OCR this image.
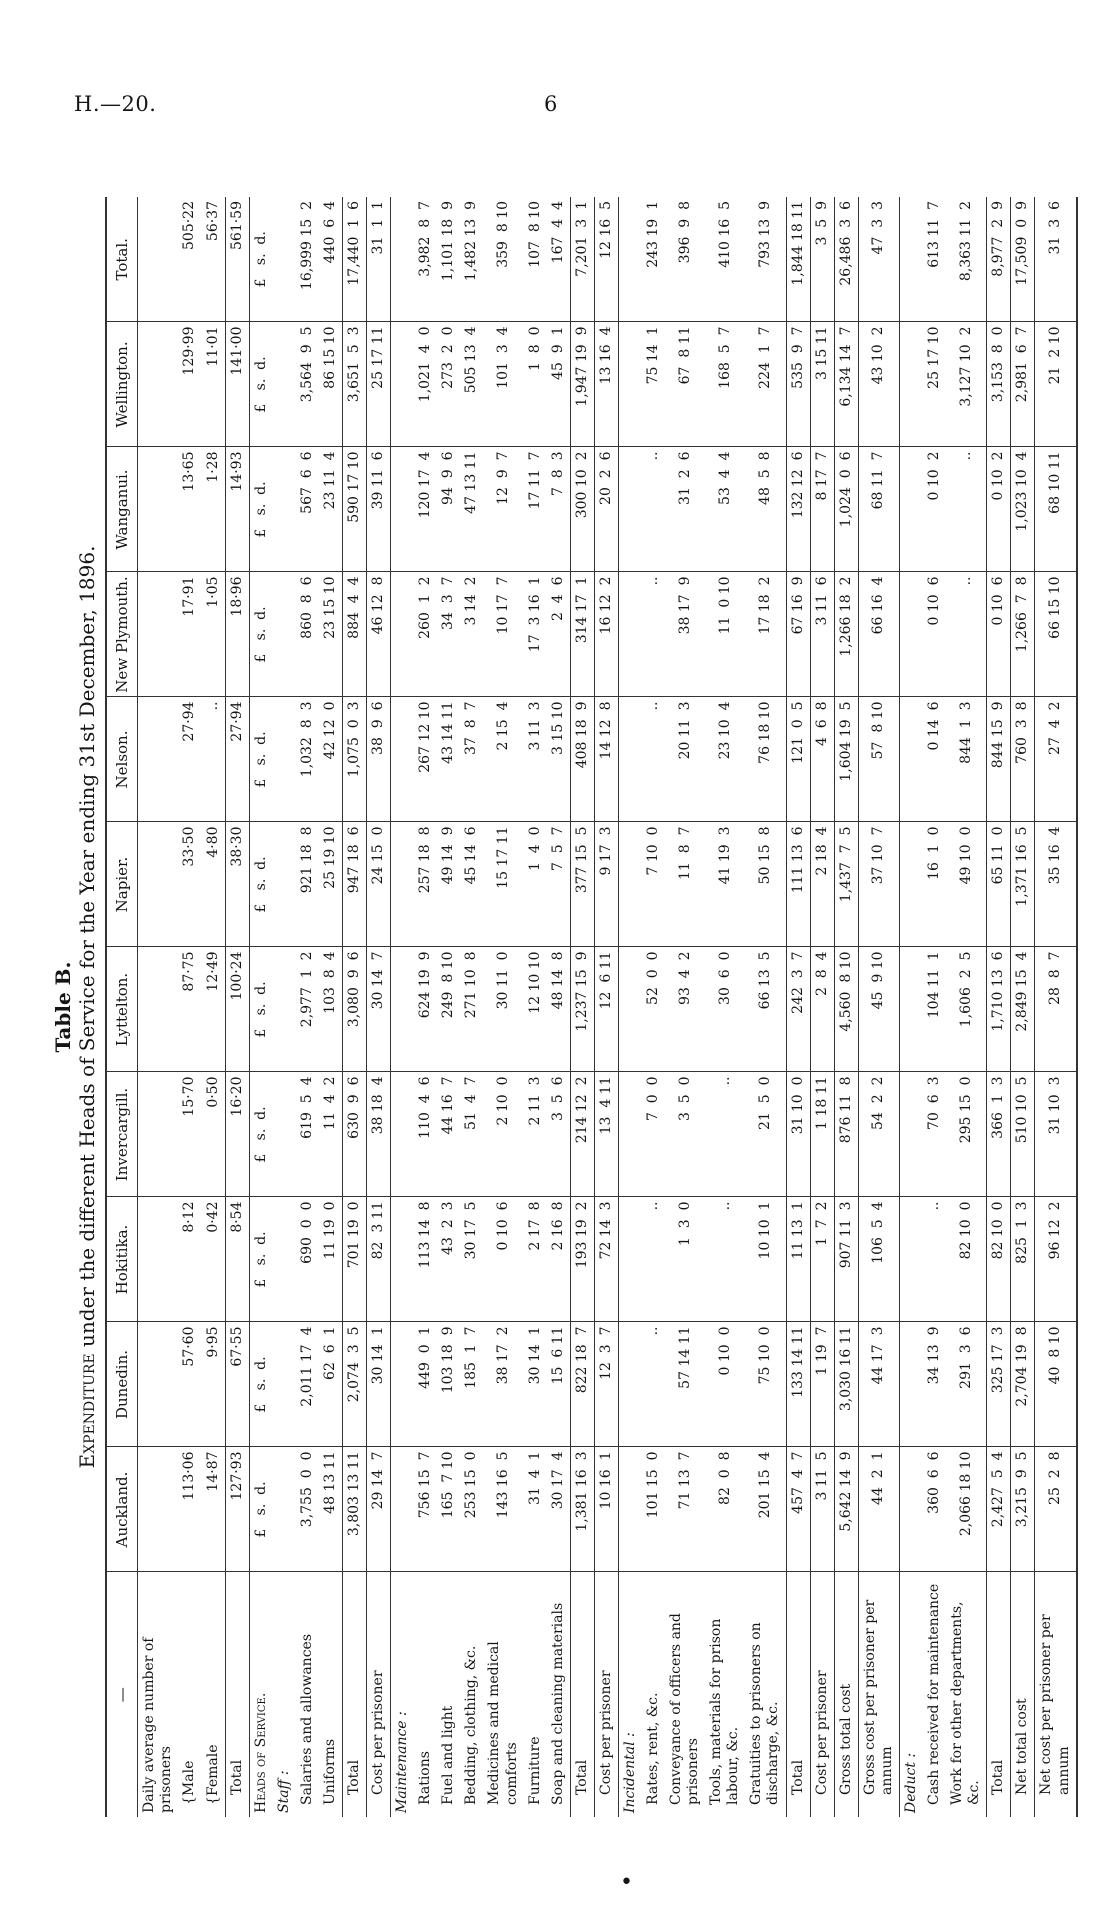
H.—20.	6
Table B.
Expenditure under the different Heads of Service for the Year ending 31st December, 1896.
—	Auckland.	Dunedin.	Hokitika.	Invercargill.	Lyttelton.	Napier.	Nelson.	New Plymouth.	Wanganui.	Wellington.	Total.
Daily average number of prisoners											
{Male	113·06	57·60	8·12	15·70	87·75	33·50	27·94	17·91	13·65	129·99	505·22
{Female	14·87	9·95	0·42	0·50	12·49	4·80	..	1·05	1·28	11·01	56·37
Total	127·93	67·55	8·54	16·20	100·24	38·30	27·94	18·96	14·93	141·00	561·59
Heads of Service.	£   s.  d.	£   s.  d.	£   s.  d.	£   s.  d.	£   s.  d.	£   s.  d.	£   s.  d.	£   s.  d.	£   s.  d.	£   s.  d.	£   s.  d.
Staff :											
Salaries and allowances	3,755  0  0	2,011 17  4	690  0  0	619  5  4	2,977  1  2	921 18  8	1,032  8  3	860  8  6	567  6  6	3,564  9  5	16,999 15  2
Uniforms	48 13 11	62  6  1	11 19  0	11  4  2	103  8  4	25 19 10	42 12  0	23 15 10	23 11  4	86 15 10	440  6  4
Total	3,803 13 11	2,074  3  5	701 19  0	630  9  6	3,080  9  6	947 18  6	1,075  0  3	884  4  4	590 17 10	3,651  5  3	17,440  1  6
Cost per prisoner	29 14  7	30 14  1	82  3 11	38 18  4	30 14  7	24 15  0	38  9  6	46 12  8	39 11  6	25 17 11	31  1  1
Maintenance :											
Rations	756 15  7	449  0  1	113 14  8	110  4  6	624 19  9	257 18  8	267 12 10	260  1  2	120 17  4	1,021  4  0	3,982  8  7
Fuel and light	165  7 10	103 18  9	43  2  3	44 16  7	249  8 10	49 14  9	43 14 11	34  3  7	94  9  6	273  2  0	1,101 18  9
Bedding, clothing, &c.	253 15  0	185  1  7	30 17  5	51  4  7	271 10  8	45 14  6	37  8  7	3 14  2	47 13 11	505 13  4	1,482 13  9
Medicines and medical comforts	143 16  5	38 17  2	0 10  6	2 10  0	30 11  0	15 17 11	2 15  4	10 17  7	12  9  7	101  3  4	359  8 10
Furniture	31  4  1	30 14  1	2 17  8	2 11  3	12 10 10	1  4  0	3 11  3	17  3 16  1	17 11  7	1  8  0	107  8 10
Soap and cleaning materials	30 17  4	15  6 11	2 16  8	3  5  6	48 14  8	7  5  7	3 15 10	2  4  6	7  8  3	45  9  1	167  4  4
Total	1,381 16  3	822 18  7	193 19  2	214 12  2	1,237 15  9	377 15  5	408 18  9	314 17  1	300 10  2	1,947 19  9	7,201  3  1
Cost per prisoner	10 16  1	12  3  7	72 14  3	13  4 11	12  6 11	9 17  3	14 12  8	16 12  2	20  2  6	13 16  4	12 16  5
Incidental :											
Rates, rent, &c.	101 15  0	..	..	7  0  0	52  0  0	7 10  0	..	..	..	75 14  1	243 19  1
Conveyance of officers and prisoners	71 13  7	57 14 11	1  3  0	3  5  0	93  4  2	11  8  7	20 11  3	38 17  9	31  2  6	67  8 11	396  9  8
Tools, materials for prison labour, &c.	82  0  8	0 10  0	..	..	30  6  0	41 19  3	23 10  4	11  0 10	53  4  4	168  5  7	410 16  5
Gratuities to prisoners on discharge, &c.	201 15  4	75 10  0	10 10  1	21  5  0	66 13  5	50 15  8	76 18 10	17 18  2	48  5  8	224  1  7	793 13  9
Total	457  4  7	133 14 11	11 13  1	31 10  0	242  3  7	111 13  6	121  0  5	67 16  9	132 12  6	535  9  7	1,844 18 11
Cost per prisoner	3 11  5	1 19  7	1  7  2	1 18 11	2  8  4	2 18  4	4  6  8	3 11  6	8 17  7	3 15 11	3  5  9
Gross total cost	5,642 14  9	3,030 16 11	907 11  3	876 11  8	4,560  8 10	1,437  7  5	1,604 19  5	1,266 18  2	1,024  0  6	6,134 14  7	26,486  3  6
Gross cost per prisoner per annum	44  2  1	44 17  3	106  5  4	54  2  2	45  9 10	37 10  7	57  8 10	66 16  4	68 11  7	43 10  2	47  3  3
Deduct :											
Cash received for maintenance	360  6  6	34 13  9	..	70  6  3	104 11  1	16  1  0	0 14  6	0 10  6	0 10  2	25 17 10	613 11  7
Work for other departments, &c.	2,066 18 10	291  3  6	82 10  0	295 15  0	1,606  2  5	49 10  0	844  1  3	..	..	3,127 10  2	8,363 11  2
Total	2,427  5  4	325 17  3	82 10  0	366  1  3	1,710 13  6	65 11  0	844 15  9	0 10  6	0 10  2	3,153  8  0	8,977  2  9
Net total cost	3,215  9  5	2,704 19  8	825  1  3	510 10  5	2,849 15  4	1,371 16  5	760  3  8	1,266  7  8	1,023 10  4	2,981  6  7	17,509  0  9
Net cost per prisoner per annum	25  2  8	40  8 10	96 12  2	31 10  3	28  8  7	35 16  4	27  4  2	66 15 10	68 10 11	21  2 10	31  3  6
•
